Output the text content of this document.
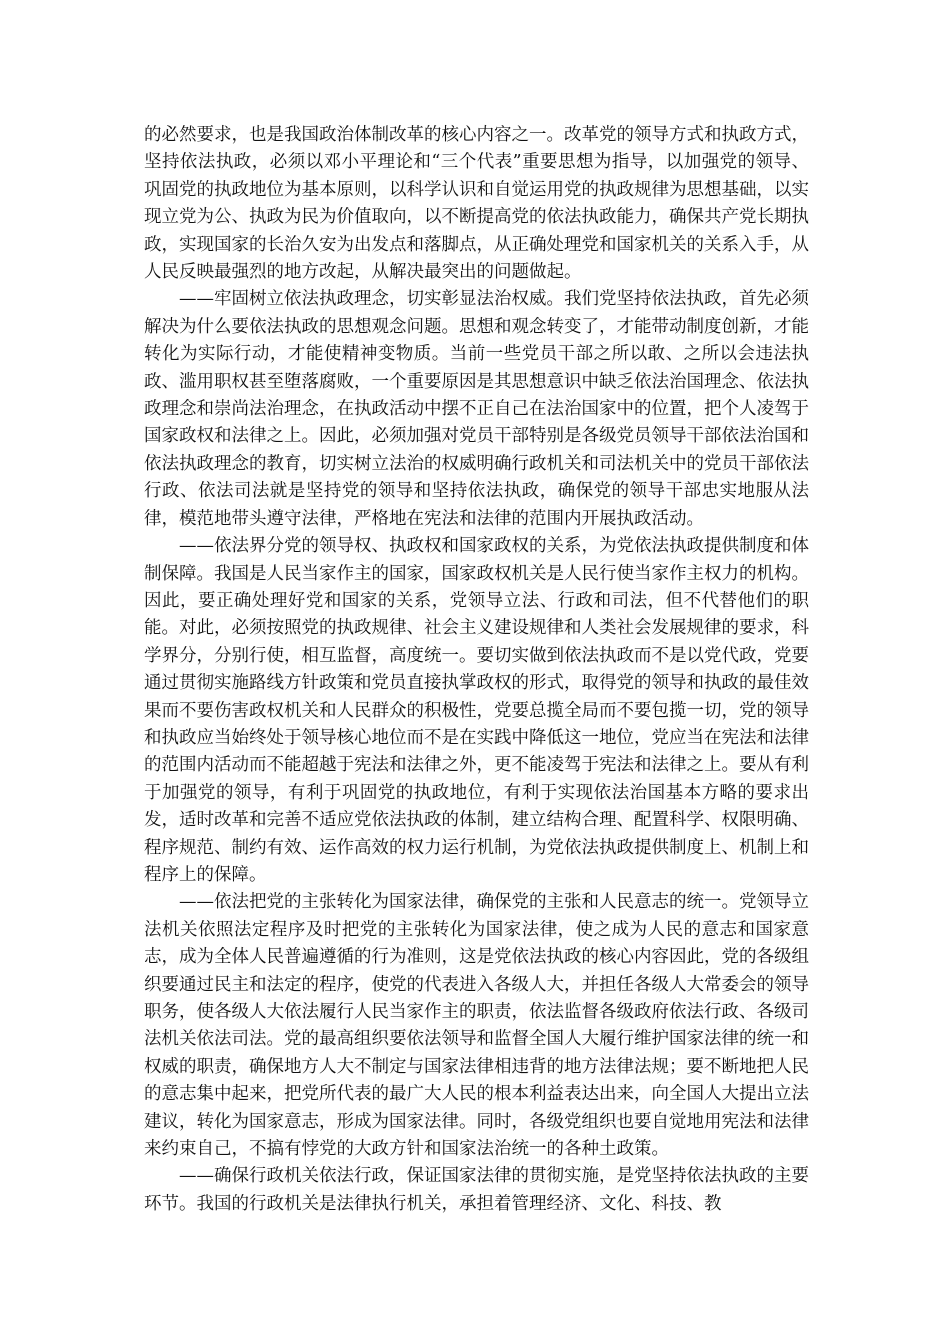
的必然要求，也是我国政治体制改革的核心内容之一。改革党的领导方式和执政方式，坚持依法执政，必须以邓小平理论和“三个代表”重要思想为指导，以加强党的领导、巩固党的执政地位为基本原则，以科学认识和自觉运用党的执政规律为思想基础，以实现立党为公、执政为民为价值取向，以不断提高党的依法执政能力，确保共产党长期执政，实现国家的长治久安为出发点和落脚点，从正确处理党和国家机关的关系入手，从人民反映最强烈的地方改起，从解决最突出的问题做起。

——牢固树立依法执政理念，切实彰显法治权威。我们党坚持依法执政，首先必须解决为什么要依法执政的思想观念问题。思想和观念转变了，才能带动制度创新，才能转化为实际行动，才能使精神变物质。当前一些党员干部之所以敢、之所以会违法执政、滥用职权甚至堕落腐败，一个重要原因是其思想意识中缺乏依法治国理念、依法执政理念和崇尚法治理念，在执政活动中摆不正自己在法治国家中的位置，把个人凌驾于国家政权和法律之上。因此，必须加强对党员干部特别是各级党员领导干部依法治国和依法执政理念的教育，切实树立法治的权威明确行政机关和司法机关中的党员干部依法行政、依法司法就是坚持党的领导和坚持依法执政，确保党的领导干部忠实地服从法律，模范地带头遵守法律，严格地在宪法和法律的范围内开展执政活动。

——依法界分党的领导权、执政权和国家政权的关系，为党依法执政提供制度和体制保障。我国是人民当家作主的国家，国家政权机关是人民行使当家作主权力的机构。因此，要正确处理好党和国家的关系，党领导立法、行政和司法，但不代替他们的职能。对此，必须按照党的执政规律、社会主义建设规律和人类社会发展规律的要求，科学界分，分别行使，相互监督，高度统一。要切实做到依法执政而不是以党代政，党要通过贯彻实施路线方针政策和党员直接执掌政权的形式，取得党的领导和执政的最佳效果而不要伤害政权机关和人民群众的积极性，党要总揽全局而不要包揽一切，党的领导和执政应当始终处于领导核心地位而不是在实践中降低这一地位，党应当在宪法和法律的范围内活动而不能超越于宪法和法律之外，更不能凌驾于宪法和法律之上。要从有利于加强党的领导，有利于巩固党的执政地位，有利于实现依法治国基本方略的要求出发，适时改革和完善不适应党依法执政的体制，建立结构合理、配置科学、权限明确、程序规范、制约有效、运作高效的权力运行机制，为党依法执政提供制度上、机制上和程序上的保障。

——依法把党的主张转化为国家法律，确保党的主张和人民意志的统一。党领导立法机关依照法定程序及时把党的主张转化为国家法律，使之成为人民的意志和国家意志，成为全体人民普遍遵循的行为准则，这是党依法执政的核心内容因此，党的各级组织要通过民主和法定的程序，使党的代表进入各级人大，并担任各级人大常委会的领导职务，使各级人大依法履行人民当家作主的职责，依法监督各级政府依法行政、各级司法机关依法司法。党的最高组织要依法领导和监督全国人大履行维护国家法律的统一和权威的职责，确保地方人大不制定与国家法律相违背的地方法律法规；要不断地把人民的意志集中起来，把党所代表的最广大人民的根本利益表达出来，向全国人大提出立法建议，转化为国家意志，形成为国家法律。同时，各级党组织也要自觉地用宪法和法律来约束自己，不搞有悖党的大政方针和国家法治统一的各种土政策。

——确保行政机关依法行政，保证国家法律的贯彻实施，是党坚持依法执政的主要环节。我国的行政机关是法律执行机关，承担着管理经济、文化、科技、教
